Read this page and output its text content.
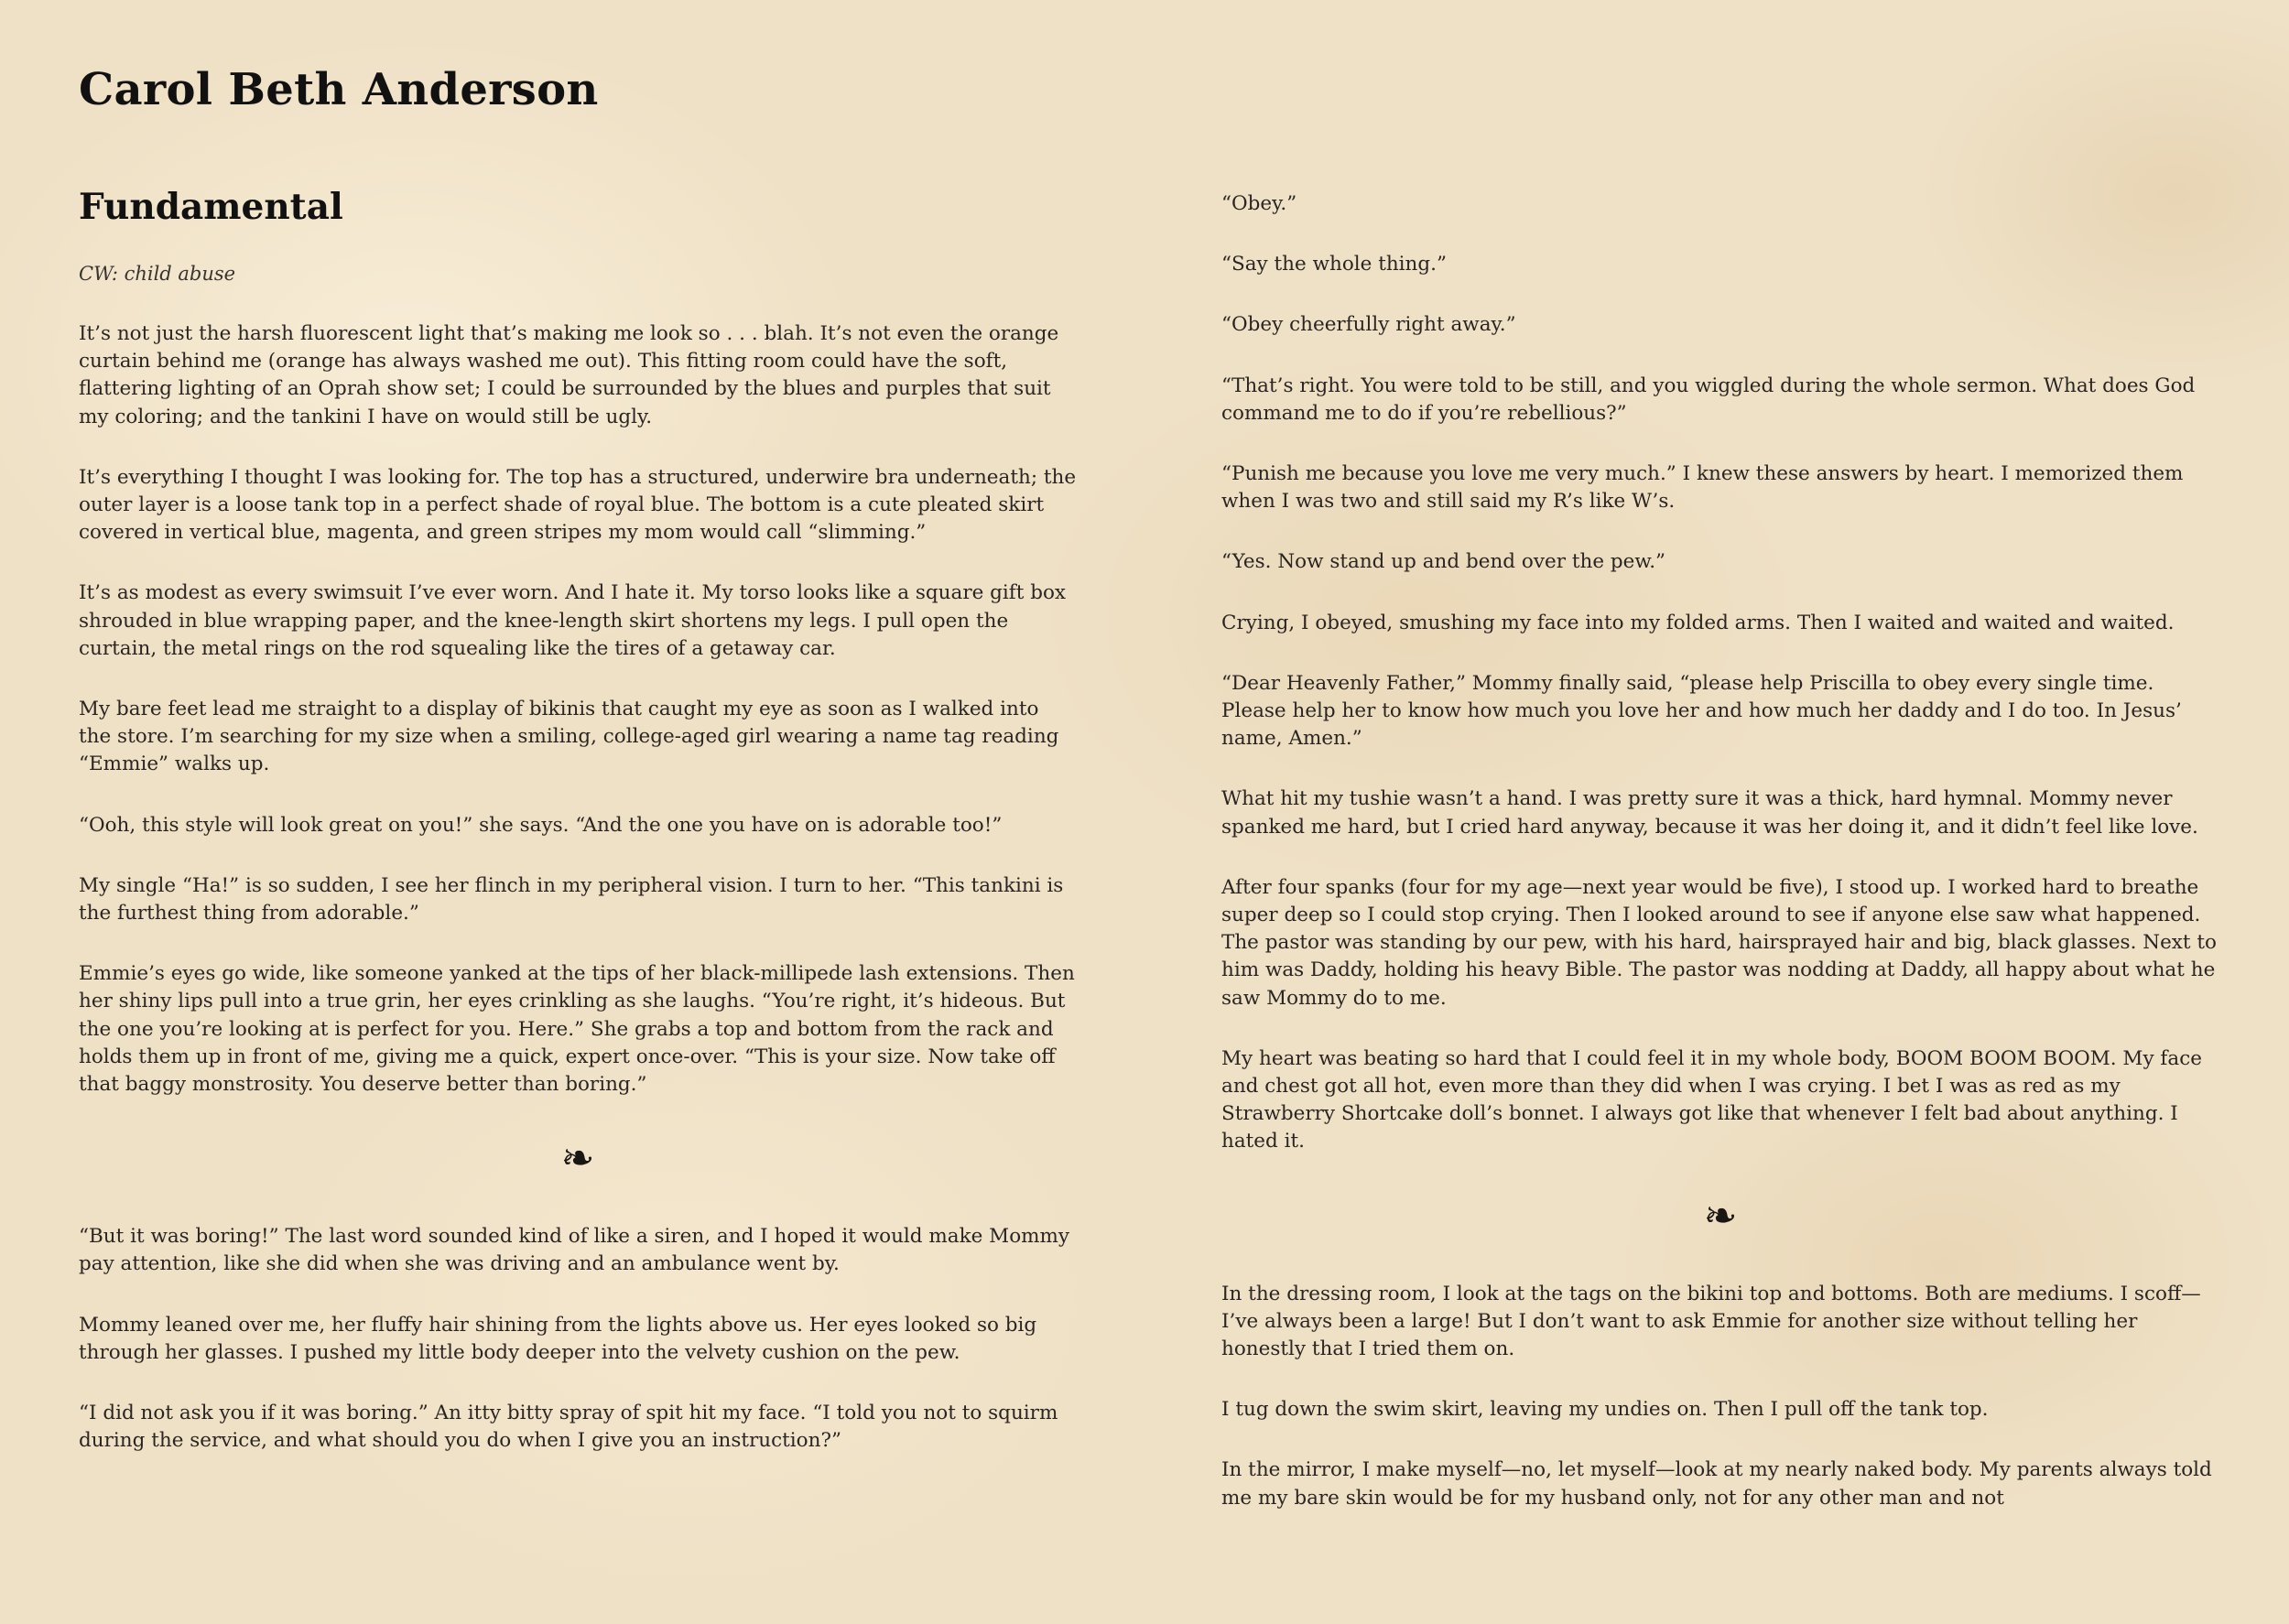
Carol Beth Anderson
Fundamental

CW: child abuse

It’s not just the harsh fluorescent light that’s making me look so . . . blah. It’s not even the orange curtain behind me (orange has always washed me out). This fitting room could have the soft, flattering lighting of an Oprah show set; I could be surrounded by the blues and purples that suit my coloring; and the tankini I have on would still be ugly.

It’s everything I thought I was looking for. The top has a structured, underwire bra underneath; the outer layer is a loose tank top in a perfect shade of royal blue. The bottom is a cute pleated skirt covered in vertical blue, magenta, and green stripes my mom would call “slimming.”

It’s as modest as every swimsuit I’ve ever worn. And I hate it. My torso looks like a square gift box shrouded in blue wrapping paper, and the knee-length skirt shortens my legs. I pull open the curtain, the metal rings on the rod squealing like the tires of a getaway car.

My bare feet lead me straight to a display of bikinis that caught my eye as soon as I walked into the store. I’m searching for my size when a smiling, college-aged girl wearing a name tag reading “Emmie” walks up.

“Ooh, this style will look great on you!” she says. “And the one you have on is adorable too!”

My single “Ha!” is so sudden, I see her flinch in my peripheral vision. I turn to her. “This tankini is the furthest thing from adorable.”

Emmie’s eyes go wide, like someone yanked at the tips of her black-millipede lash extensions. Then her shiny lips pull into a true grin, her eyes crinkling as she laughs. “You’re right, it’s hideous. But the one you’re looking at is perfect for you. Here.” She grabs a top and bottom from the rack and holds them up in front of me, giving me a quick, expert once-over. “This is your size. Now take off that baggy monstrosity. You deserve better than boring.”

❧

“But it was boring!” The last word sounded kind of like a siren, and I hoped it would make Mommy pay attention, like she did when she was driving and an ambulance went by.

Mommy leaned over me, her fluffy hair shining from the lights above us. Her eyes looked so big through her glasses. I pushed my little body deeper into the velvety cushion on the pew.

“I did not ask you if it was boring.” An itty bitty spray of spit hit my face. “I told you not to squirm during the service, and what should you do when I give you an instruction?”

“Obey.”

“Say the whole thing.”

“Obey cheerfully right away.”

“That’s right. You were told to be still, and you wiggled during the whole sermon. What does God command me to do if you’re rebellious?”

“Punish me because you love me very much.” I knew these answers by heart. I memorized them when I was two and still said my R’s like W’s.

“Yes. Now stand up and bend over the pew.”

Crying, I obeyed, smushing my face into my folded arms. Then I waited and waited and waited.

“Dear Heavenly Father,” Mommy finally said, “please help Priscilla to obey every single time. Please help her to know how much you love her and how much her daddy and I do too. In Jesus’ name, Amen.”

What hit my tushie wasn’t a hand. I was pretty sure it was a thick, hard hymnal. Mommy never spanked me hard, but I cried hard anyway, because it was her doing it, and it didn’t feel like love.

After four spanks (four for my age—next year would be five), I stood up. I worked hard to breathe super deep so I could stop crying. Then I looked around to see if anyone else saw what happened. The pastor was standing by our pew, with his hard, hairsprayed hair and big, black glasses. Next to him was Daddy, holding his heavy Bible. The pastor was nodding at Daddy, all happy about what he saw Mommy do to me.

My heart was beating so hard that I could feel it in my whole body, BOOM BOOM BOOM. My face and chest got all hot, even more than they did when I was crying. I bet I was as red as my Strawberry Shortcake doll’s bonnet. I always got like that whenever I felt bad about anything. I hated it.

❧

In the dressing room, I look at the tags on the bikini top and bottoms. Both are mediums. I scoff—I’ve always been a large! But I don’t want to ask Emmie for another size without telling her honestly that I tried them on.

I tug down the swim skirt, leaving my undies on. Then I pull off the tank top.

In the mirror, I make myself—no, let myself—look at my nearly naked body. My parents always told me my bare skin would be for my husband only, not for any other man and not
